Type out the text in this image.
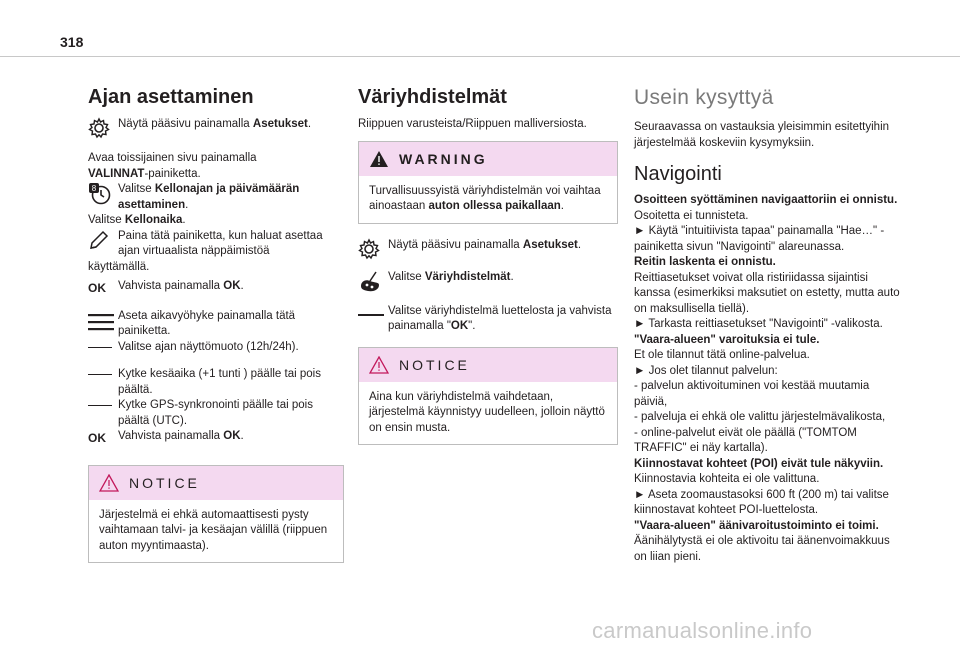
318
Ajan asettaminen
Näytä pääsivu painamalla Asetukset.
Avaa toissijainen sivu painamalla
VALINNAT-painiketta.
8 Valitse Kellonajan ja päivämäärän asettaminen.
Valitse Kellonaika.
Paina tätä painiketta, kun haluat asettaa ajan virtuaalista näppäimistöä
käyttämällä.
OK	Vahvista painamalla OK.
Aseta aikavyöhyke painamalla tätä painiketta.
Valitse ajan näyttömuoto (12h/24h).
Kytke kesäaika (+1 tunti ) päälle tai pois päältä.
Kytke GPS-synkronointi päälle tai pois päältä (UTC).
OK	Vahvista painamalla OK.
NOTICE
Järjestelmä ei ehkä automaattisesti pysty vaihtamaan talvi- ja kesäajan välillä (riippuen auton myyntimaasta).
Väriyhdistelmät
Riippuen varusteista/Riippuen malliversiosta.
WARNING
Turvallisuussyistä väriyhdistelmän voi vaihtaa ainoastaan auton ollessa paikallaan.
Näytä pääsivu painamalla Asetukset.
Valitse Väriyhdistelmät.
Valitse väriyhdistelmä luettelosta ja vahvista painamalla "OK".
NOTICE
Aina kun väriyhdistelmä vaihdetaan, järjestelmä käynnistyy uudelleen, jolloin näyttö on ensin musta.
Usein kysyttyä
Seuraavassa on vastauksia yleisimmin esitettyihin järjestelmää koskeviin kysymyksiin.
Navigointi
Osoitteen syöttäminen navigaattoriin ei onnistu.
Osoitetta ei tunnisteta.
► Käytä "intuitiivista tapaa" painamalla "Hae…" -painiketta sivun "Navigointi" alareunassa.
Reitin laskenta ei onnistu.
Reittiasetukset voivat olla ristiriidassa sijaintisi kanssa (esimerkiksi maksutiet on estetty, mutta auto on maksullisella tiellä).
► Tarkasta reittiasetukset "Navigointi" -valikosta.
"Vaara-alueen" varoituksia ei tule.
Et ole tilannut tätä online-palvelua.
► Jos olet tilannut palvelun:
- palvelun aktivoituminen voi kestää muutamia päiviä,
- palveluja ei ehkä ole valittu järjestelmävalikosta,
- online-palvelut eivät ole päällä ("TOMTOM TRAFFIC" ei näy kartalla).
Kiinnostavat kohteet (POI) eivät tule näkyviin.
Kiinnostavia kohteita ei ole valittuna.
► Aseta zoomaustasoksi 600 ft (200 m) tai valitse kiinnostavat kohteet POI-luettelosta.
"Vaara-alueen" äänivaroitustoiminto ei toimi.
Äänihälytystä ei ole aktivoitu tai äänenvoimakkuus on liian pieni.
carmanualsonline.info
